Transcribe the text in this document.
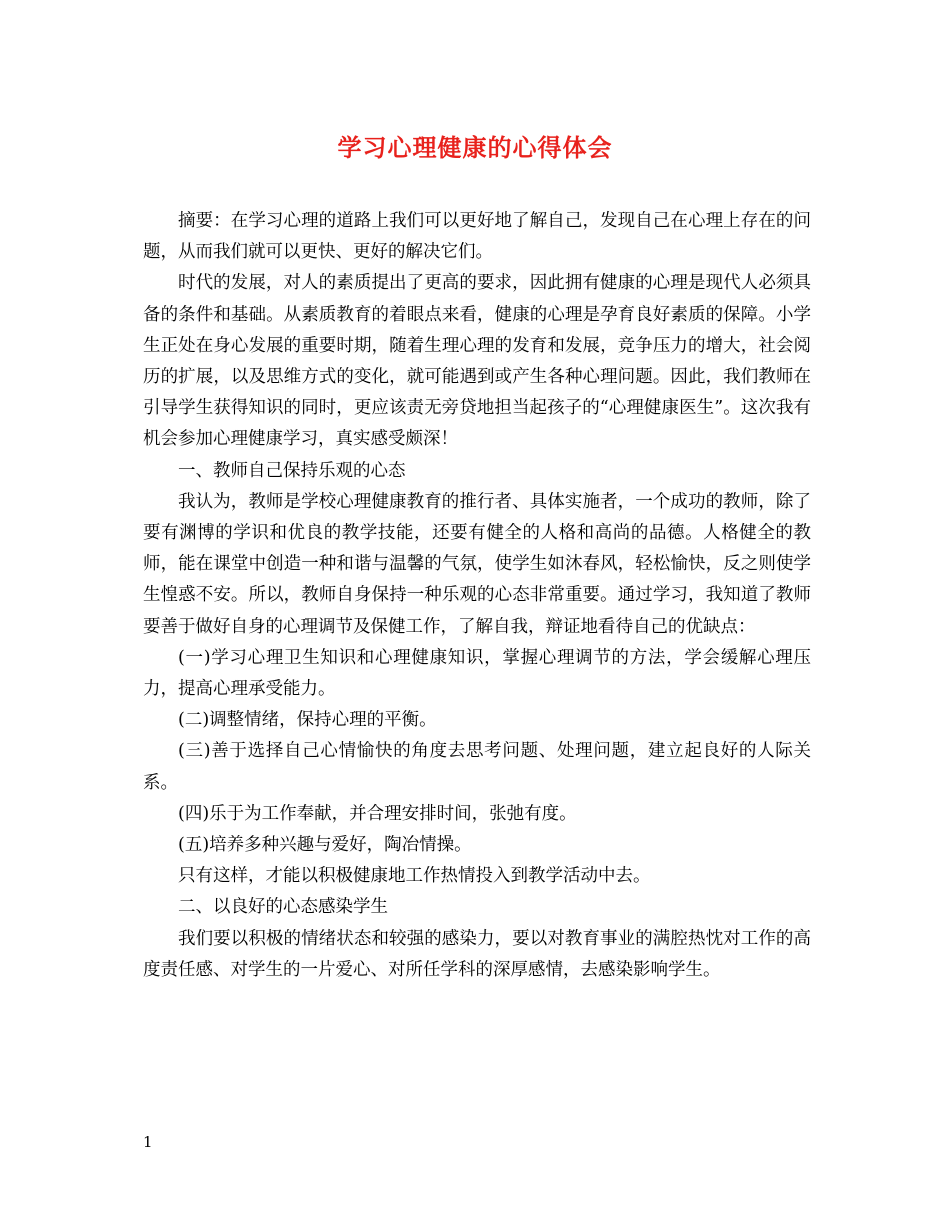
学习心理健康的心得体会

摘要：在学习心理的道路上我们可以更好地了解自己，发现自己在心理上存在的问题，从而我们就可以更快、更好的解决它们。

时代的发展，对人的素质提出了更高的要求，因此拥有健康的心理是现代人必须具备的条件和基础。从素质教育的着眼点来看，健康的心理是孕育良好素质的保障。小学生正处在身心发展的重要时期，随着生理心理的发育和发展，竞争压力的增大，社会阅历的扩展，以及思维方式的变化，就可能遇到或产生各种心理问题。因此，我们教师在引导学生获得知识的同时，更应该责无旁贷地担当起孩子的“心理健康医生”。这次我有机会参加心理健康学习，真实感受颇深！

一、教师自己保持乐观的心态

我认为，教师是学校心理健康教育的推行者、具体实施者，一个成功的教师，除了要有渊博的学识和优良的教学技能，还要有健全的人格和高尚的品德。人格健全的教师，能在课堂中创造一种和谐与温馨的气氛，使学生如沐春风，轻松愉快，反之则使学生惶惑不安。所以，教师自身保持一种乐观的心态非常重要。通过学习，我知道了教师要善于做好自身的心理调节及保健工作，了解自我，辩证地看待自己的优缺点：

(一)学习心理卫生知识和心理健康知识，掌握心理调节的方法，学会缓解心理压力，提高心理承受能力。

(二)调整情绪，保持心理的平衡。

(三)善于选择自己心情愉快的角度去思考问题、处理问题，建立起良好的人际关系。

(四)乐于为工作奉献，并合理安排时间，张弛有度。

(五)培养多种兴趣与爱好，陶冶情操。

只有这样，才能以积极健康地工作热情投入到教学活动中去。

二、以良好的心态感染学生

我们要以积极的情绪状态和较强的感染力，要以对教育事业的满腔热忱对工作的高度责任感、对学生的一片爱心、对所任学科的深厚感情，去感染影响学生。

1
